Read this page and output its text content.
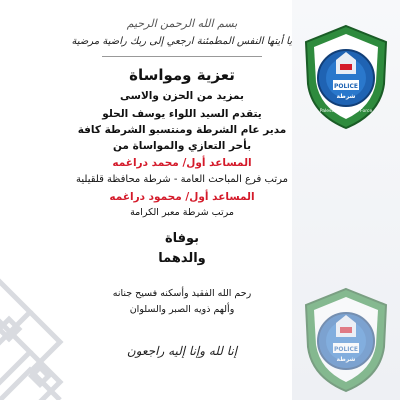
POLICE
شرطة
Palestinian Police Force
POLICE
شرطة
بسم الله الرحمن الرحيم
يا أيتها النفس المطمئنة ارجعي إلى ربك راضية مرضية
تعزية ومواساة
بمزيد من الحزن والاسى
يتقدم السيد اللواء يوسف الحلو
مدير عام الشرطة ومنتسبو الشرطة كافة
بأحر التعازي والمواساة من
المساعد أول/ محمد دراغمه
مرتب فرع المباحث العامة - شرطة محافظة قلقيلية
المساعد أول/ محمود دراغمه
مرتب شرطة معبر الكرامة
بوفاة
والدهما
رحم الله الفقيد وأسكنه فسيح جنانه
وألهم ذويه الصبر والسلوان
إنا لله وإنا إليه راجعون
